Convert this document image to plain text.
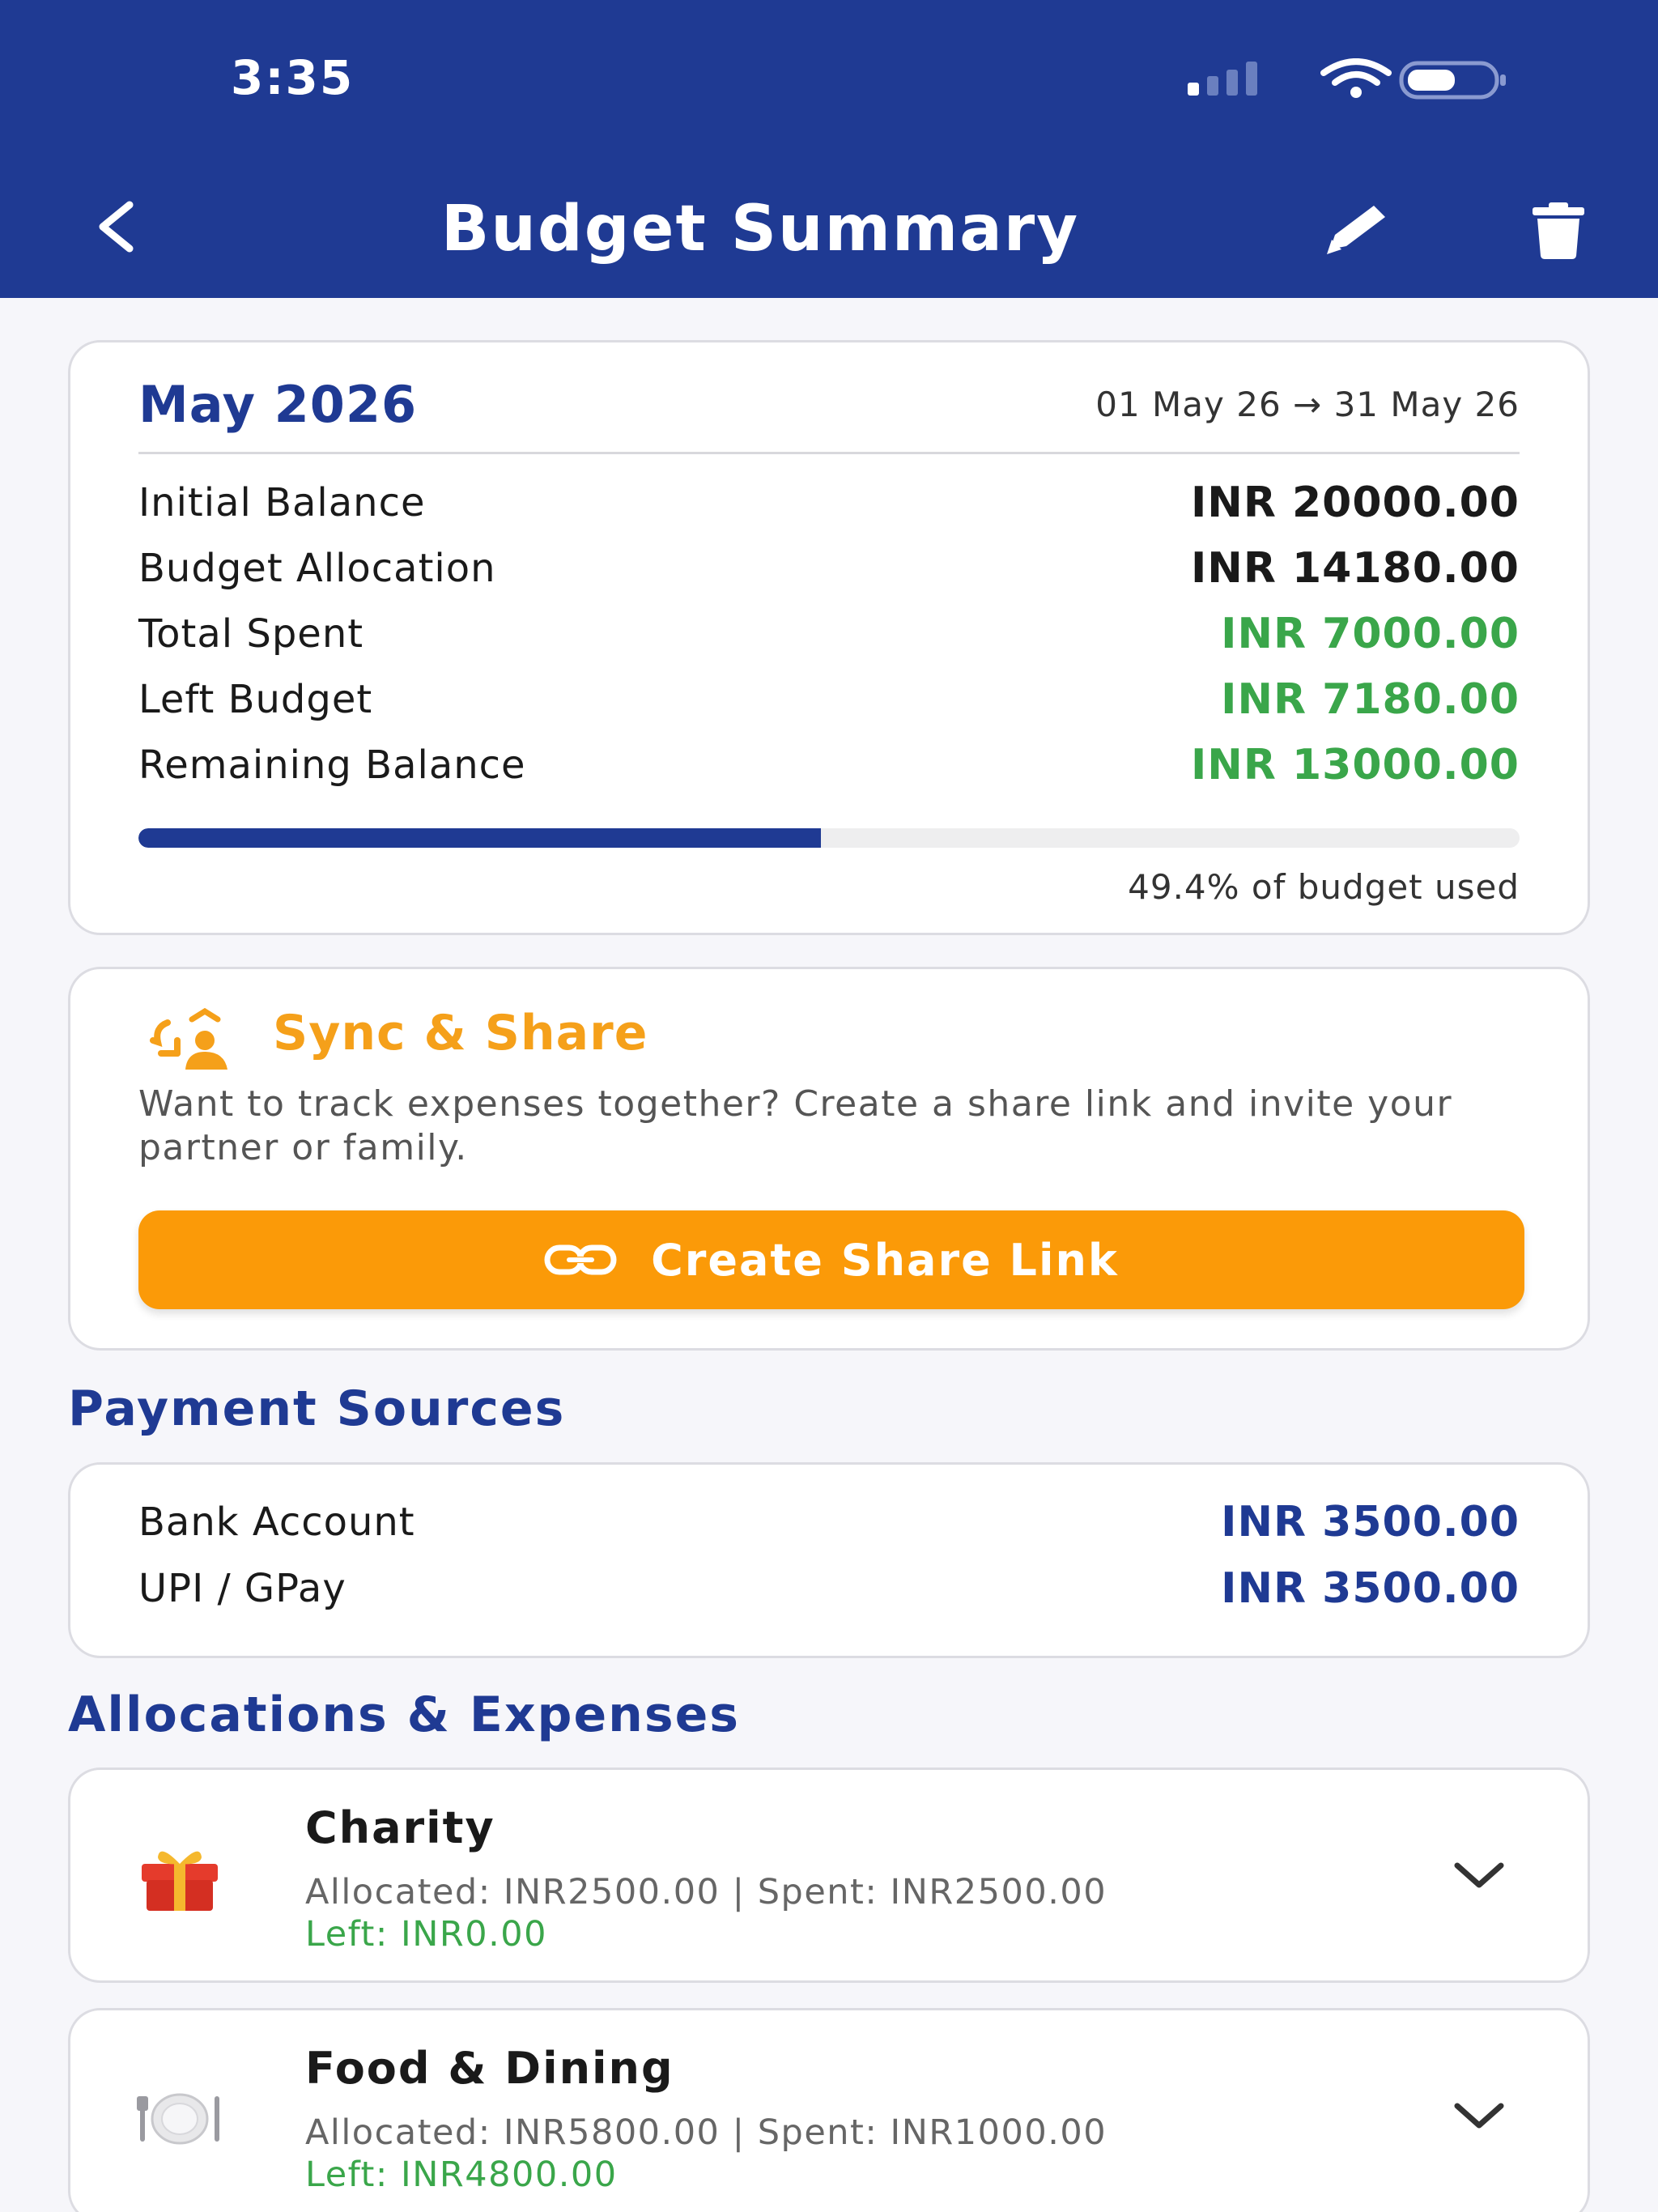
3:35
Budget Summary
May 2026	01 May 26 → 31 May 26
Initial Balance	INR 20000.00
Budget Allocation	INR 14180.00
Total Spent	INR 7000.00
Left Budget	INR 7180.00
Remaining Balance	INR 13000.00
49.4% of budget used
Sync & Share
Want to track expenses together? Create a share link and invite your partner or family.
Create Share Link
Payment Sources
Bank Account	INR 3500.00
UPI / GPay	INR 3500.00
Allocations & Expenses
Charity
Allocated: INR2500.00 | Spent: INR2500.00
Left: INR0.00
Food & Dining
Allocated: INR5800.00 | Spent: INR1000.00
Left: INR4800.00
